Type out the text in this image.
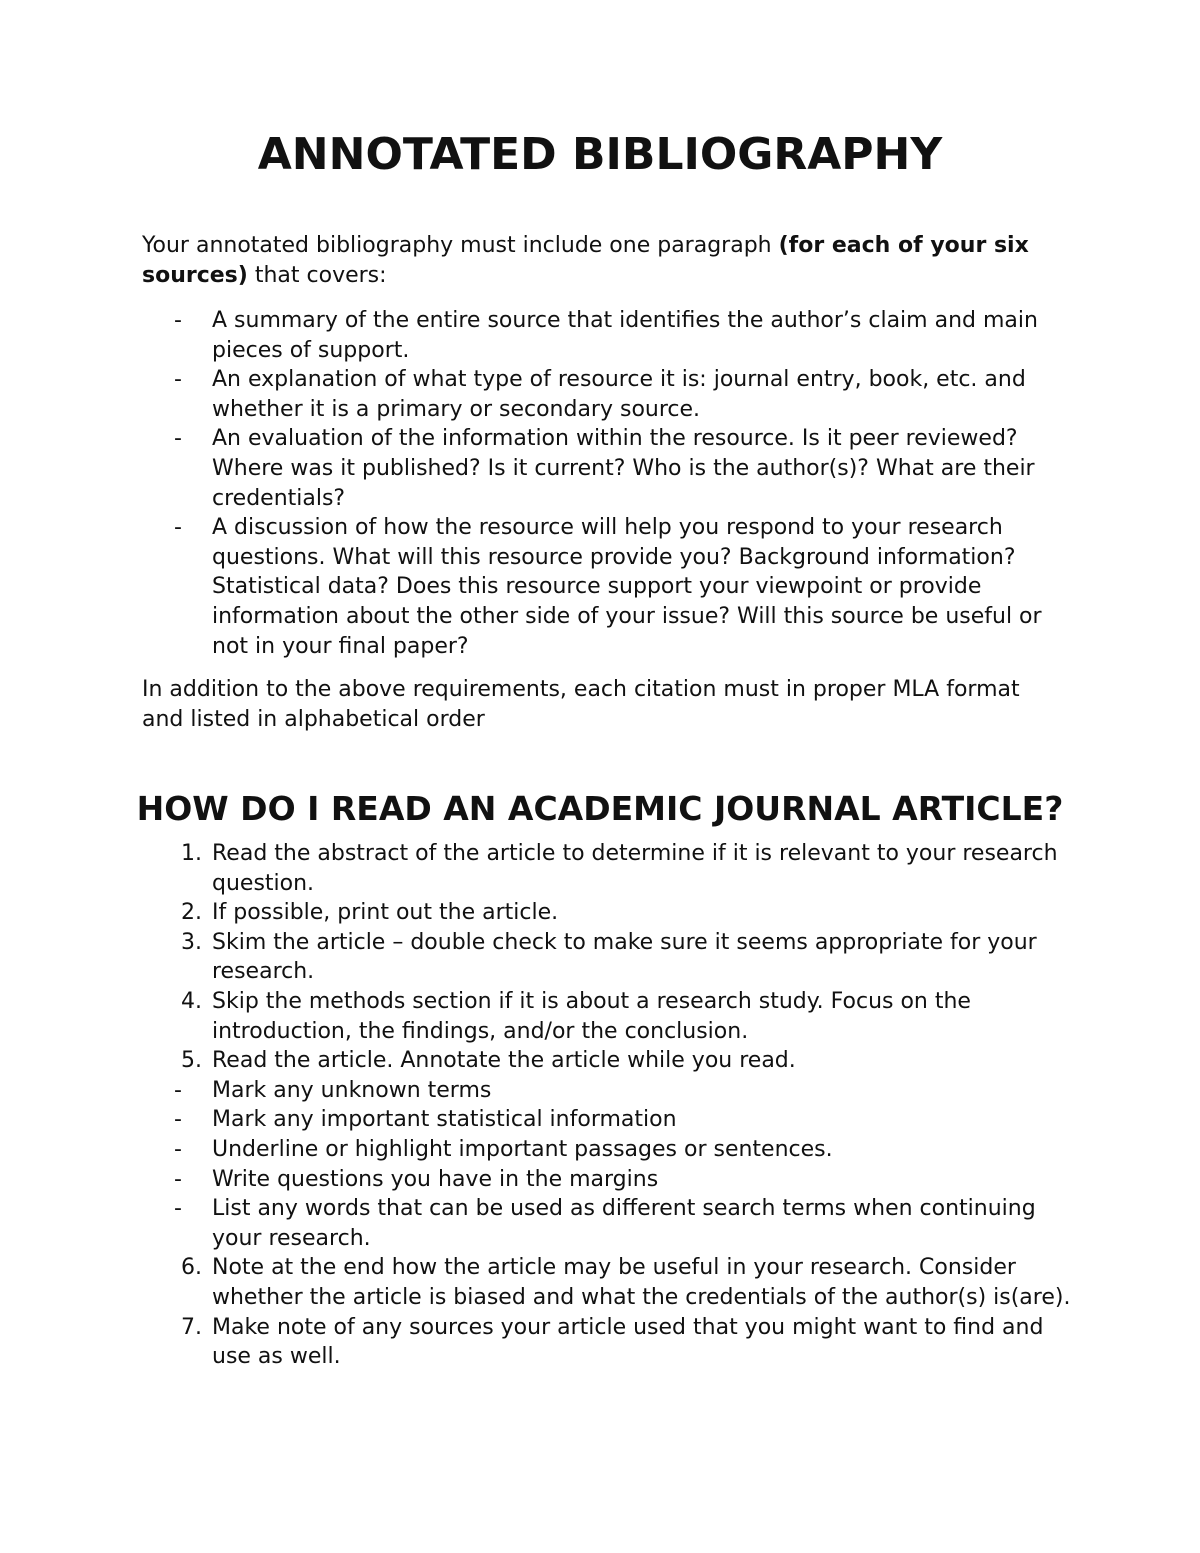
ANNOTATED BIBLIOGRAPHY

Your annotated bibliography must include one paragraph (for each of your six sources) that covers:

- A summary of the entire source that identifies the author’s claim and main pieces of support.
- An explanation of what type of resource it is: journal entry, book, etc. and whether it is a primary or secondary source.
- An evaluation of the information within the resource. Is it peer reviewed? Where was it published? Is it current? Who is the author(s)? What are their credentials?
- A discussion of how the resource will help you respond to your research questions. What will this resource provide you? Background information? Statistical data? Does this resource support your viewpoint or provide information about the other side of your issue? Will this source be useful or not in your final paper?

In addition to the above requirements, each citation must in proper MLA format and listed in alphabetical order

HOW DO I READ AN ACADEMIC JOURNAL ARTICLE?
1. Read the abstract of the article to determine if it is relevant to your research question.
2. If possible, print out the article.
3. Skim the article – double check to make sure it seems appropriate for your research.
4. Skip the methods section if it is about a research study. Focus on the introduction, the findings, and/or the conclusion.
5. Read the article. Annotate the article while you read.
- Mark any unknown terms
- Mark any important statistical information
- Underline or highlight important passages or sentences.
- Write questions you have in the margins
- List any words that can be used as different search terms when continuing your research.
6. Note at the end how the article may be useful in your research. Consider whether the article is biased and what the credentials of the author(s) is(are).
7. Make note of any sources your article used that you might want to find and use as well.
